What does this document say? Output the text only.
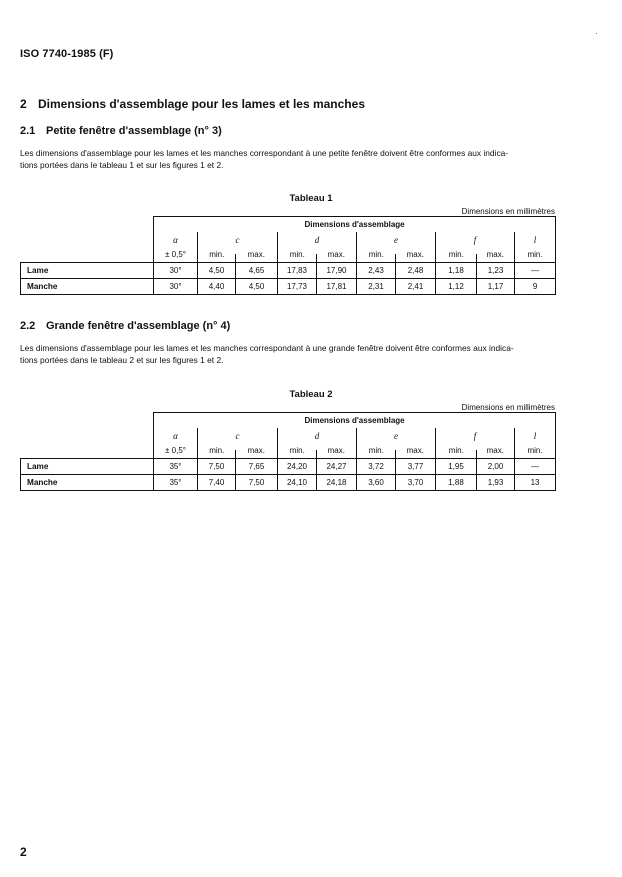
ISO 7740-1985 (F)
2 Dimensions d'assemblage pour les lames et les manches
2.1 Petite fenêtre d'assemblage (n° 3)
Les dimensions d'assemblage pour les lames et les manches correspondant à une petite fenêtre doivent être conformes aux indica-
tions portées dans le tableau 1 et sur les figures 1 et 2.
Tableau 1
Dimensions en millimètres
	Dimensions d'assemblage									
	α	c		d		e		f		l
	± 0,5°	min.	max.	min.	max.	min.	max.	min.	max.	min.
Lame	30°	4,50	4,65	17,83	17,90	2,43	2,48	1,18	1,23	—
Manche	30°	4,40	4,50	17,73	17,81	2,31	2,41	1,12	1,17	9
2.2 Grande fenêtre d'assemblage (n° 4)
Les dimensions d'assemblage pour les lames et les manches correspondant à une grande fenêtre doivent être conformes aux indica-
tions portées dans le tableau 2 et sur les figures 1 et 2.
Tableau 2
Dimensions en millimètres
	Dimensions d'assemblage									
	α	c		d		e		f		l
	± 0,5°	min.	max.	min.	max.	min.	max.	min.	max.	min.
Lame	35°	7,50	7,65	24,20	24,27	3,72	3,77	1,95	2,00	—
Manche	35°	7,40	7,50	24,10	24,18	3,60	3,70	1,88	1,93	13
2
